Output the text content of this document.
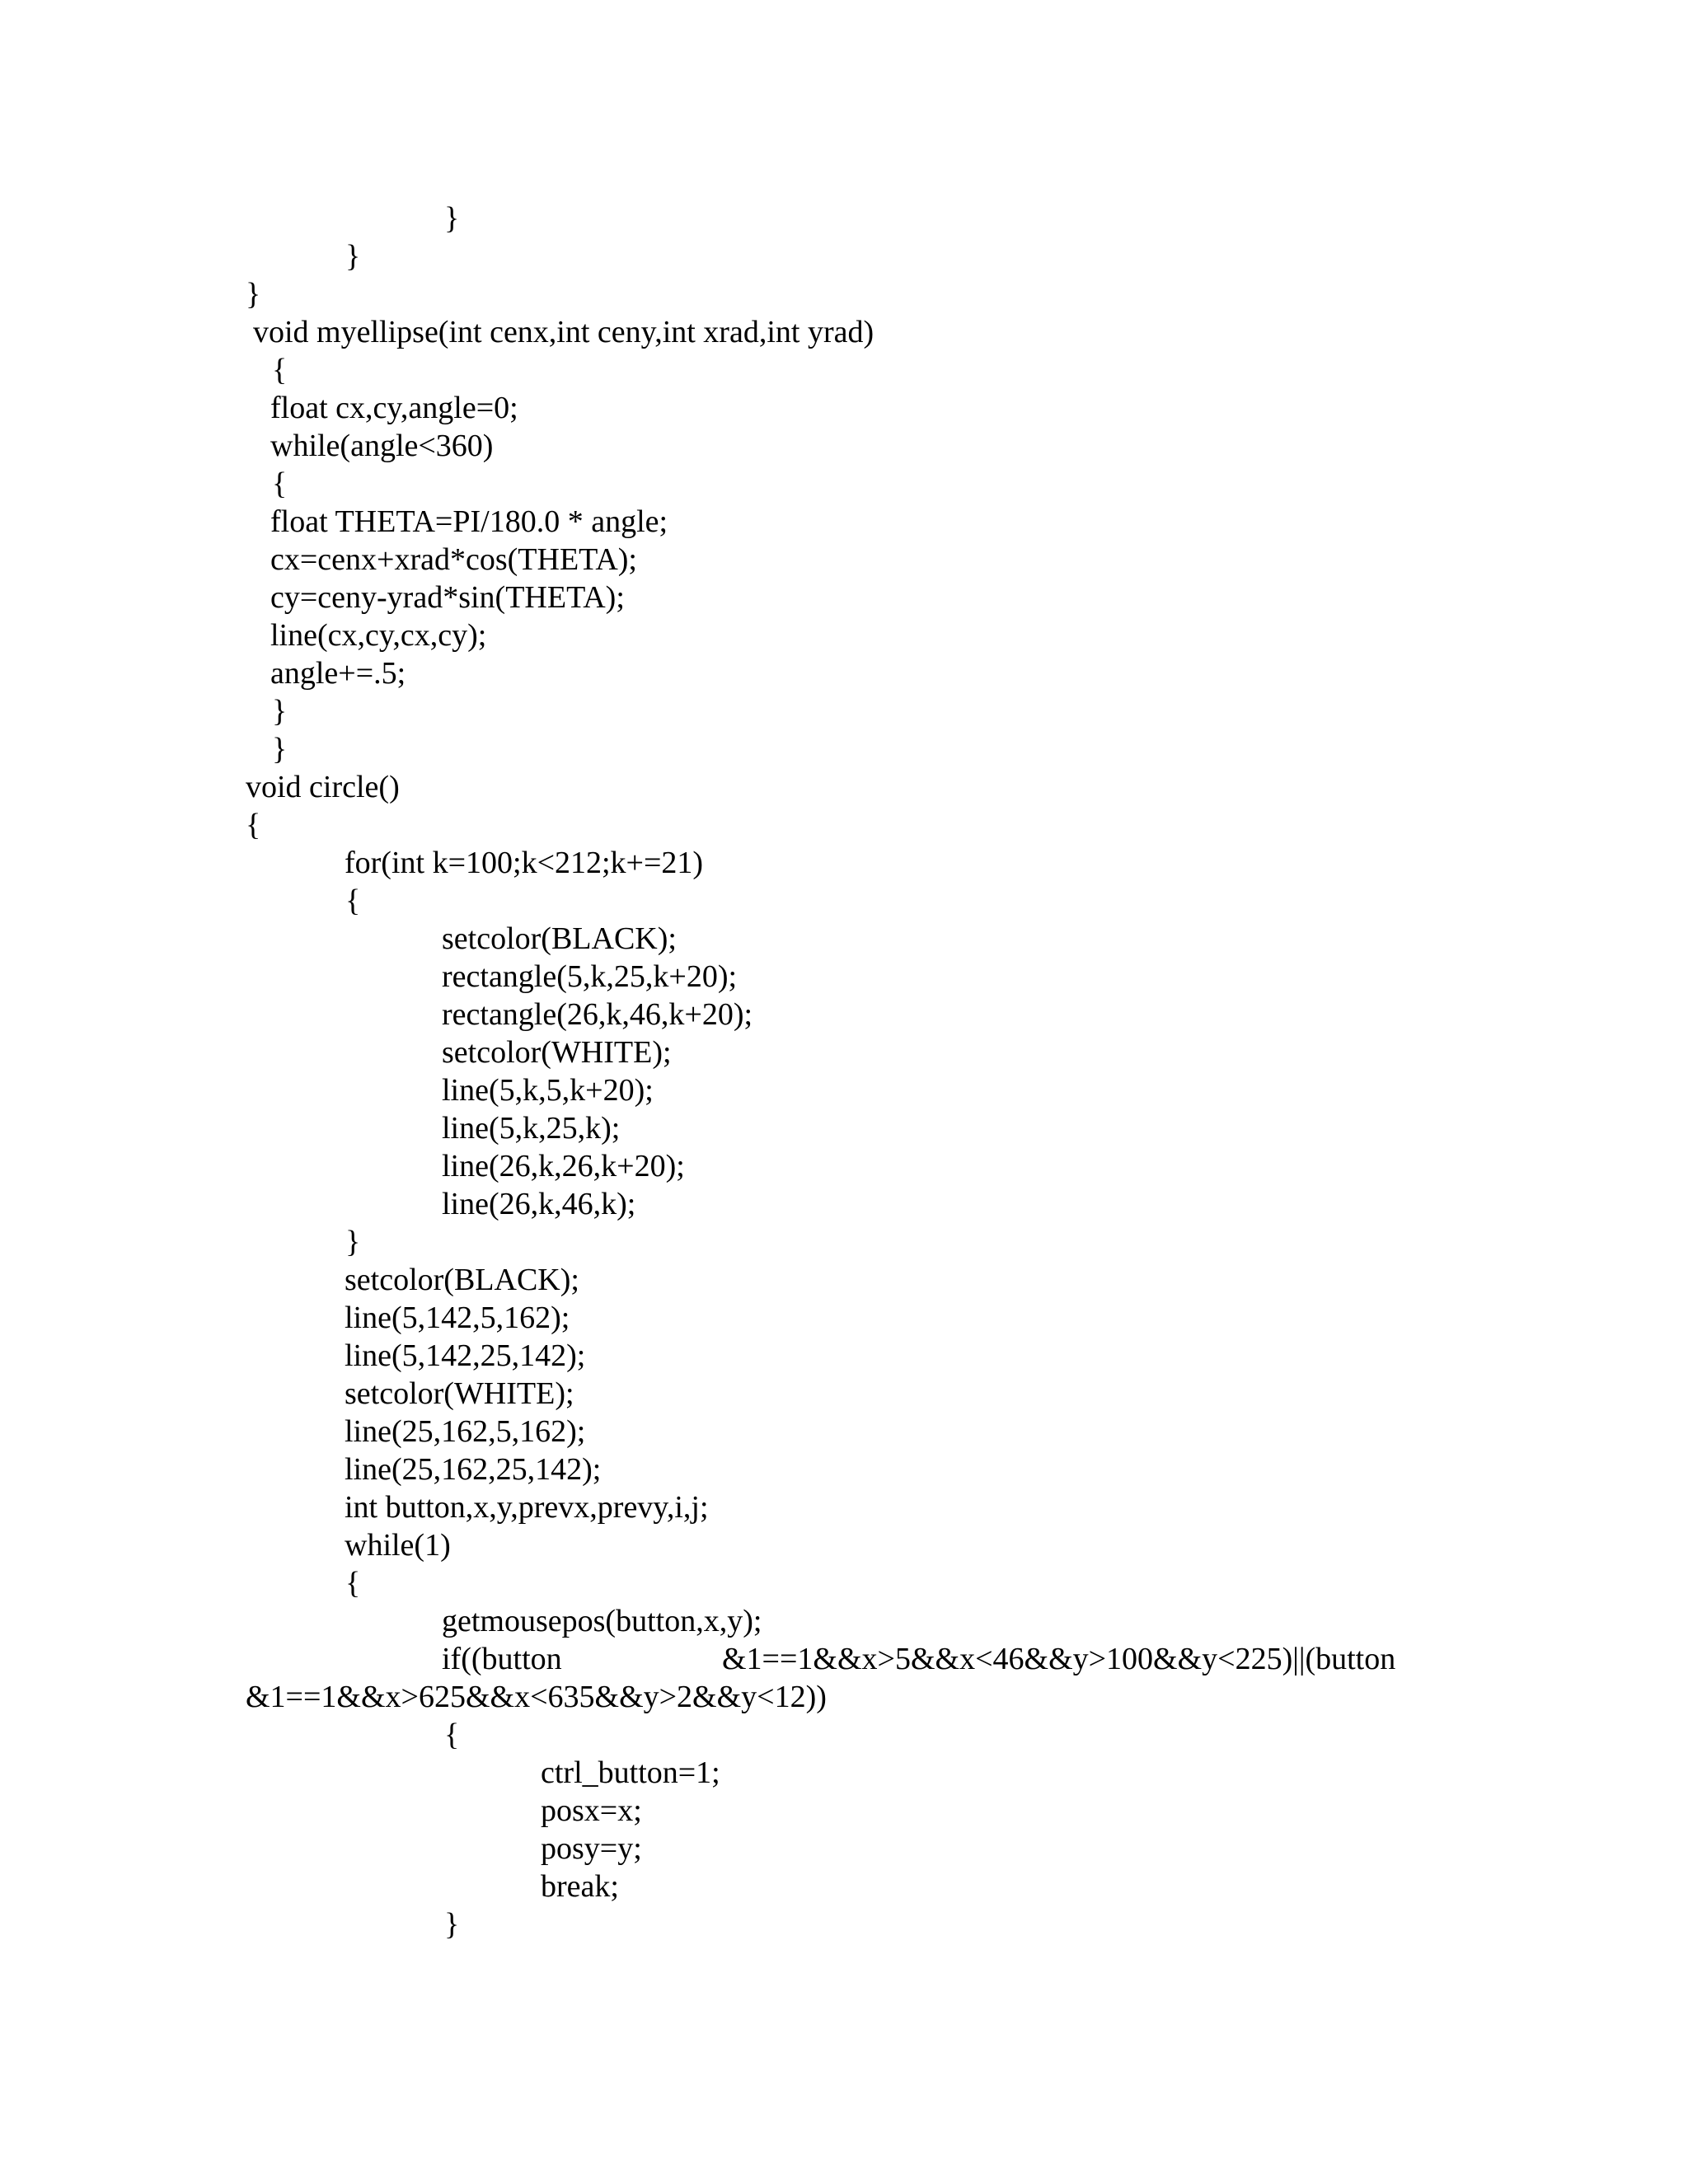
}
}
}
void myellipse(int cenx,int ceny,int xrad,int yrad)
{
float cx,cy,angle=0;
while(angle<360)
{
float THETA=PI/180.0 * angle;
cx=cenx+xrad*cos(THETA);
cy=ceny-yrad*sin(THETA);
line(cx,cy,cx,cy);
angle+=.5;
}
}
void circle()
{
for(int k=100;k<212;k+=21)
{
setcolor(BLACK);
rectangle(5,k,25,k+20);
rectangle(26,k,46,k+20);
setcolor(WHITE);
line(5,k,5,k+20);
line(5,k,25,k);
line(26,k,26,k+20);
line(26,k,46,k);
}
setcolor(BLACK);
line(5,142,5,162);
line(5,142,25,142);
setcolor(WHITE);
line(25,162,5,162);
line(25,162,25,142);
int button,x,y,prevx,prevy,i,j;
while(1)
{
getmousepos(button,x,y);
if((button	&1==1&&x>5&&x<46&&y>100&&y<225)||(button
&1==1&&x>625&&x<635&&y>2&&y<12))
{
ctrl_button=1;
posx=x;
posy=y;
break;
}
